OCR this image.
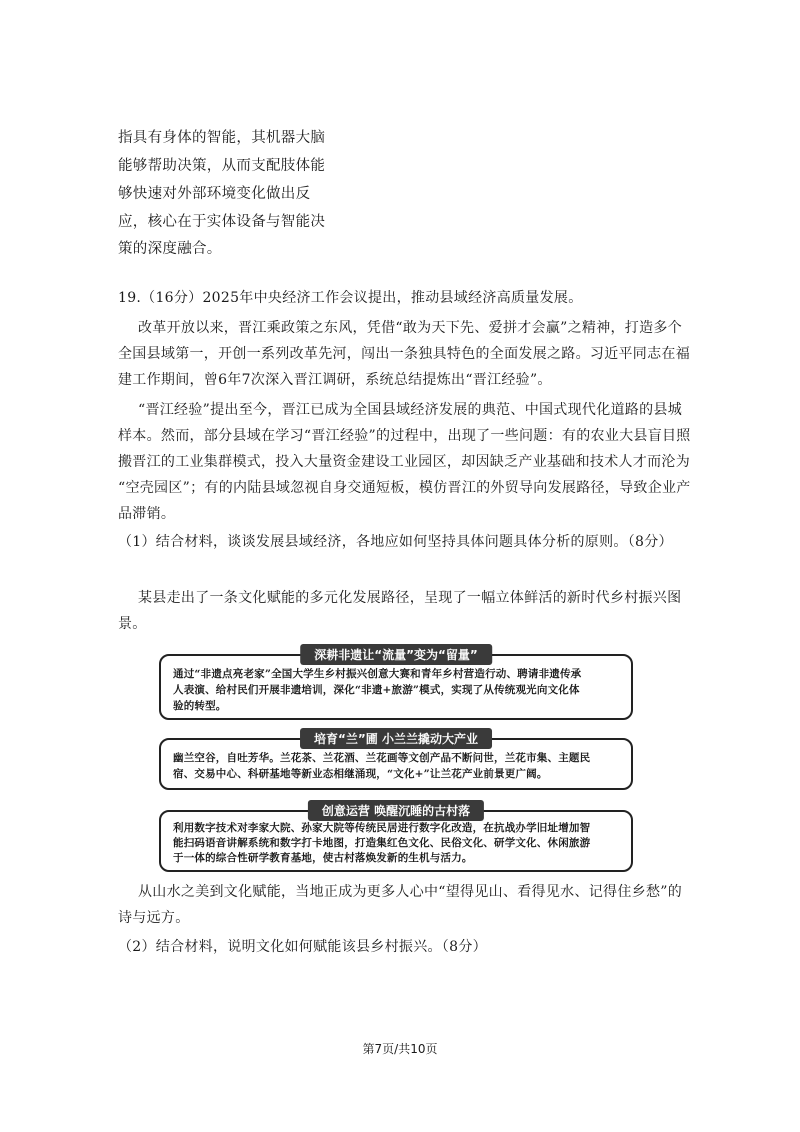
指具有身体的智能，其机器大脑
能够帮助决策，从而支配肢体能
够快速对外部环境变化做出反
应，核心在于实体设备与智能决
策的深度融合。
19.（16分）2025年中央经济工作会议提出，推动县域经济高质量发展。
改革开放以来，晋江乘政策之东风，凭借“敢为天下先、爱拼才会赢”之精神，打造多个
全国县域第一，开创一系列改革先河，闯出一条独具特色的全面发展之路。习近平同志在福
建工作期间，曾6年7次深入晋江调研，系统总结提炼出“晋江经验”。
“晋江经验”提出至今，晋江已成为全国县域经济发展的典范、中国式现代化道路的县城
样本。然而，部分县域在学习“晋江经验”的过程中，出现了一些问题：有的农业大县盲目照
搬晋江的工业集群模式，投入大量资金建设工业园区，却因缺乏产业基础和技术人才而沦为
“空壳园区”；有的内陆县域忽视自身交通短板，模仿晋江的外贸导向发展路径，导致企业产
品滞销。
（1）结合材料，谈谈发展县域经济，各地应如何坚持具体问题具体分析的原则。（8分）
某县走出了一条文化赋能的多元化发展路径，呈现了一幅立体鲜活的新时代乡村振兴图
景。
深耕非遗让“流量”变为“留量”
通过“非遗点亮老家”全国大学生乡村振兴创意大赛和青年乡村营造行动、聘请非遗传承
人表演、给村民们开展非遗培训，深化“非遗+旅游”模式，实现了从传统观光向文化体
验的转型。
培育“兰”圃 小兰兰撬动大产业
幽兰空谷，自吐芳华。兰花茶、兰花酒、兰花画等文创产品不断问世，兰花市集、主题民
宿、交易中心、科研基地等新业态相继涌现，“文化+”让兰花产业前景更广阔。
创意运营 唤醒沉睡的古村落
利用数字技术对李家大院、孙家大院等传统民居进行数字化改造，在抗战办学旧址增加智
能扫码语音讲解系统和数字打卡地图，打造集红色文化、民俗文化、研学文化、休闲旅游
于一体的综合性研学教育基地，使古村落焕发新的生机与活力。
从山水之美到文化赋能，当地正成为更多人心中“望得见山、看得见水、记得住乡愁”的
诗与远方。
（2）结合材料，说明文化如何赋能该县乡村振兴。（8分）
第7页/共10页
